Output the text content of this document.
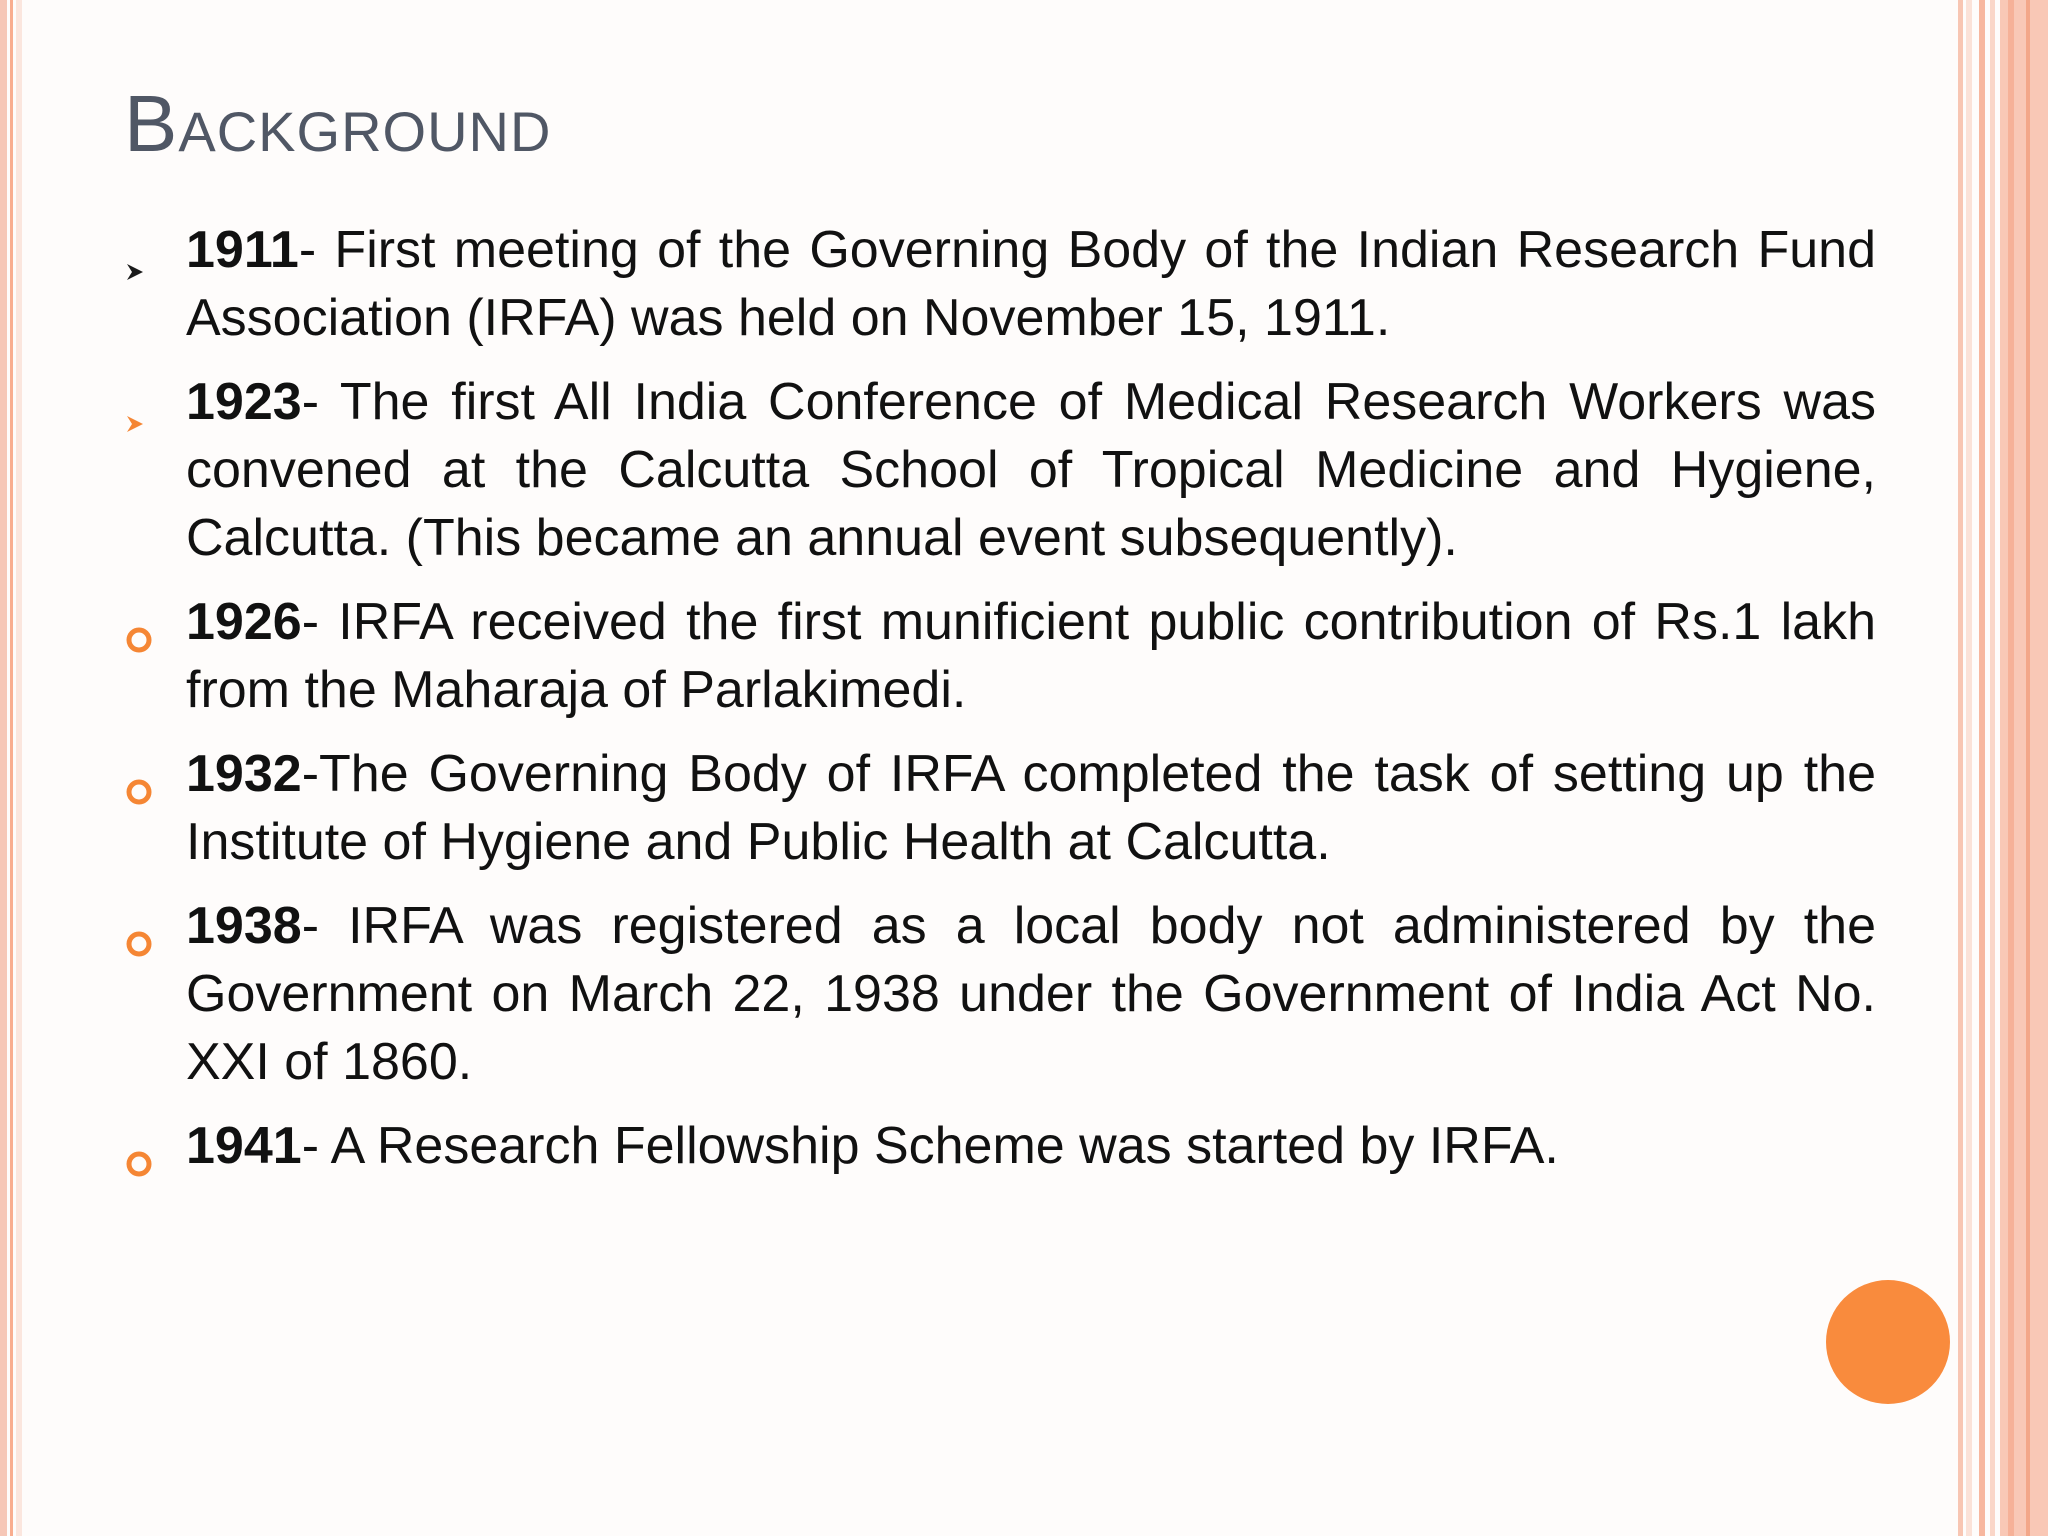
Background
1911- First meeting of the Governing Body of the Indian Research Fund Association (IRFA) was held on November 15, 1911.
1923- The first All India Conference of Medical Research Workers was convened at the Calcutta School of Tropical Medicine and Hygiene, Calcutta. (This became an annual event subsequently).
1926- IRFA received the first munificient public contribution of Rs.1 lakh from the Maharaja of Parlakimedi.
1932-The Governing Body of IRFA completed the task of setting up the Institute of Hygiene and Public Health at Calcutta.
1938- IRFA was registered as a local body not administered by the Government on March 22, 1938 under the Government of India Act No. XXI of 1860.
1941- A Research Fellowship Scheme was started by IRFA.
